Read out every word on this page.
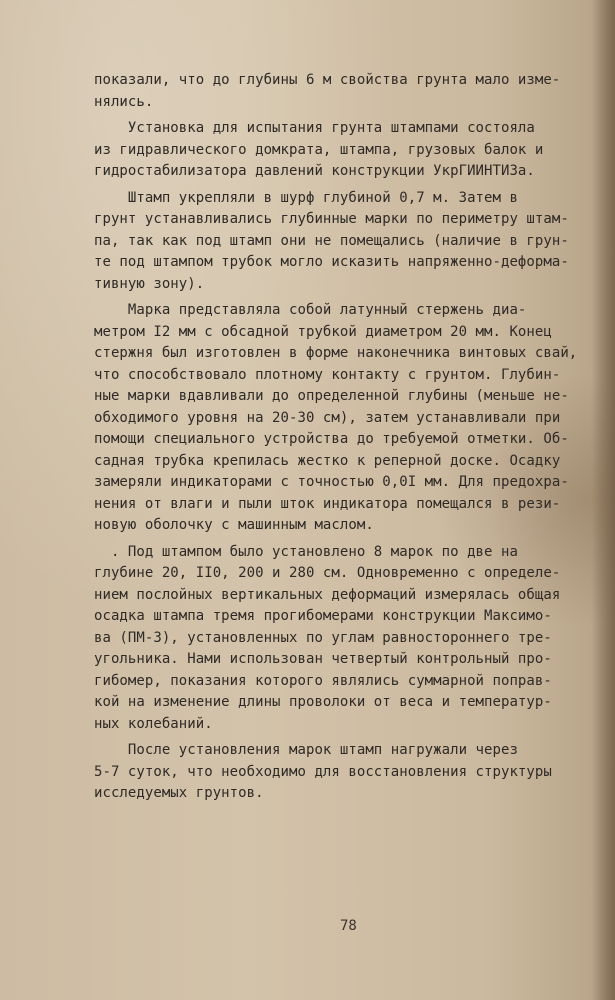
показали, что до глубины 6 м свойства грунта мало изме-
нялись.
Установка для испытания грунта штампами состояла
из гидравлического домкрата, штампа, грузовых балок и
гидростабилизатора давлений конструкции УкрГИИНТИЗа.
Штамп укрепляли в шурф глубиной 0,7 м. Затем в
грунт устанавливались глубинные марки по периметру штам-
па, так как под штамп они не помещались (наличие в грун-
те под штампом трубок могло исказить напряженно-деформа-
тивную зону).
Марка представляла собой латунный стержень диа-
метром I2 мм с обсадной трубкой диаметром 20 мм. Конец
стержня был изготовлен в форме наконечника винтовых свай,
что способствовало плотному контакту с грунтом. Глубин-
ные марки вдавливали до определенной глубины (меньше не-
обходимого уровня на 20-30 см), затем устанавливали при
помощи специального устройства до требуемой отметки. Об-
садная трубка крепилась жестко к реперной доске. Осадку
замеряли индикаторами с точностью 0,0I мм. Для предохра-
нения от влаги и пыли шток индикатора помещался в рези-
новую оболочку с машинным маслом.
. Под штампом было установлено 8 марок по две на
глубине 20, II0, 200 и 280 см. Одновременно с определе-
нием послойных вертикальных деформаций измерялась общая
осадка штампа тремя прогибомерами конструкции Максимо-
ва (ПМ-3), установленных по углам равностороннего тре-
угольника. Нами использован четвертый контрольный про-
гибомер, показания которого являлись суммарной поправ-
кой на изменение длины проволоки от веса и температур-
ных колебаний.
После установления марок штамп нагружали через
5-7 суток, что необходимо для восстановления структуры
исследуемых грунтов.
78
